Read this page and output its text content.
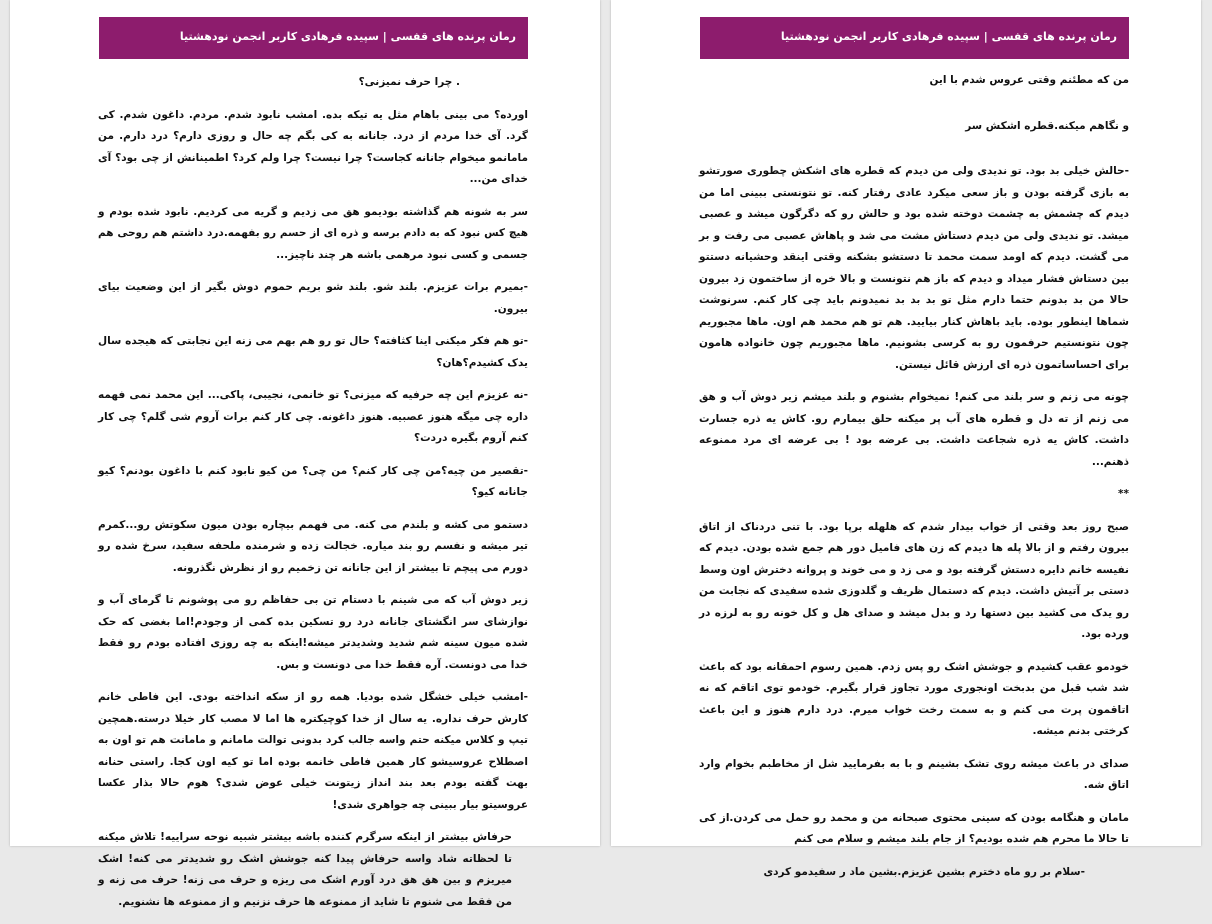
رمان پرنده های قفسی | سپیده فرهادی کاربر انجمن نودهشتیا

. چرا حرف نمیزنی؟

اورده؟ می بینی باهام مثل یه تیکه بده. امشب نابود شدم. مردم. داغون شدم. کی گرد. آی خدا مردم از درد. جانانه به کی بگم چه حال و روزی دارم؟ درد دارم. من مامانمو میخوام جانانه کجاست؟ چرا نیست؟ چرا ولم کرد؟ اطمینانش از چی بود؟ آی خدای من...

سر به شونه هم گذاشته بودیمو هق می زدیم و گریه می کردیم. نابود شده بودم و هیچ کس نبود که به دادم برسه و ذره ای از حسم رو بفهمه.درد داشتم هم روحی هم جسمی و کسی نبود مرهمی باشه هر چند ناچیز...

-بمیرم برات عزیزم. بلند شو. بلند شو بریم حموم دوش بگیر از این وضعیت بیای بیرون.

-تو هم فکر میکنی اینا کثافته؟ حال تو رو هم بهم می زنه این نجابتی که هیجده سال یدک کشیدم؟هان؟

-نه عزیزم این چه حرفیه که میزنی؟ تو خانمی، نجیبی، پاکی... این محمد نمی فهمه داره چی میگه هنوز عصبیه. هنوز داغونه. چی کار کنم برات آروم شی گلم؟ چی کار کنم آروم بگیره دردت؟

-تقصیر من چیه؟من چی کار کنم؟ من چی؟ من کیو نابود کنم با داغون بودنم؟ کیو جانانه کیو؟

دستمو می کشه و بلندم می کنه. می فهمم بیچاره بودن میون سکوتش رو...کمرم تیر میشه و نفسم رو بند میاره. خجالت زده و شرمنده ملحفه سفید، سرخ شده رو دورم می پیچم تا بیشتر از این جانانه تن زخمیم رو از نظرش نگذرونه.

زیر دوش آب که می شینم با دستام تن بی حفاظم رو می پوشونم تا گرمای آب و نوازشای سر انگشتای جانانه درد رو تسکین بده کمی از وجودم!اما بغضی که حک شده میون سینه شم شدید وشدیدتر میشه!اینکه به چه روزی افتاده بودم رو فقط خدا می دونست. آره فقط خدا می دونست و بس.

-امشب خیلی خشگل شده بودیا. همه رو از سکه انداخته بودی. این فاطی خانم کارش حرف نداره. یه سال از خدا کوچیکتره ها اما لا مصب کار خیلا درسته.همچین تیپ و کلاس میکنه حتم واسه جالب کرد بدونی توالت مامانم و مامانت هم تو اون به اصطلاح عروسیشو کار همین فاطی خانمه بوده اما تو کیه اون کجا. راستی حنانه بهت گفته بودم بعد بند انداز زیتونت خیلی عوض شدی؟ هوم حالا بذار عکسا عروسیتو بیار ببینی چه جواهری شدی!

حرفاش بیشتر از اینکه سرگرم کننده باشه بیشتر شبیه نوحه سراییه! تلاش میکنه تا لحظاته شاد واسه حرفاش پیدا کنه جوشش اشک رو شدیدتر می کنه! اشک میریزم و بین هق هق درد آورم اشک می ریزه و حرف می زنه! حرف می زنه و من فقط می شنوم تا شاید از ممنوعه ها حرف نزنیم و از ممنوعه ها نشنویم.

رمان پرنده های قفسی | سپیده فرهادی کاربر انجمن نودهشتیا

من که مطئنم وقتی عروس شدم با این

و نگاهم میکنه.قطره اشکش سر

-حالش خیلی بد بود. تو ندیدی ولی من دیدم که قطره های اشکش چطوری صورتشو به بازی گرفته بودن و باز سعی میکرد عادی رفتار کنه. تو نتونستی ببینی اما من دیدم که چشمش به چشمت دوخته شده بود و حالش رو که دگرگون میشد و عصبی میشد. تو ندیدی ولی من دیدم دستاش مشت می شد و پاهاش عصبی می رفت و بر می گشت. دیدم که اومد سمت محمد تا دستشو بشکنه وقتی اینقد وحشیانه دستتو بین دستاش فشار میداد و دیدم که باز هم نتونست و بالا خره از ساختمون زد بیرون حالا من بد بدونم حتما دارم مثل تو بد بد بد نمیدونم باید چی کار کنم. سرنوشت شماها اینطور بوده. باید باهاش کنار بیایید. هم تو هم محمد هم اون. ماها مجبوریم چون نتونستیم حرفمون رو به کرسی بشونیم. ماها مجبوریم چون خانواده هامون برای احساساتمون ذره ای ارزش قائل نیستن.

چونه می زنم و سر بلند می کنم! نمیخوام بشنوم و بلند میشم زیر دوش آب و هق می زنم از ته دل و قطره های آب پر میکنه حلق بیمارم رو. کاش یه ذره جسارت داشت. کاش یه ذره شجاعت داشت. بی عرضه بود ! بی عرضه ای مرد ممنوعه ذهنم...

**

صبح روز بعد وقتی از خواب بیدار شدم که هلهله برپا بود. با تنی دردناک از اتاق بیرون رفتم و از بالا پله ها دیدم که زن های فامیل دور هم جمع شده بودن. دیدم که نفیسه خانم دایره دستش گرفته بود و می زد و می خوند و پروانه دخترش اون وسط دستی بر آتیش داشت. دیدم که دستمال ظریف و گلدوزی شده سفیدی که نجابت من رو یدک می کشید بین دستها رد و بدل میشد و صدای هل و کل خونه رو به لرزه در ورده بود.

خودمو عقب کشیدم و جوشش اشک رو پس زدم. همین رسوم احمقانه بود که باعث شد شب قبل من بدبخت اونجوری مورد تجاوز قرار بگیرم. خودمو توی اتاقم که نه اتاقمون پرت می کنم و به سمت رخت خواب میرم. درد دارم هنوز و این باعث کرختی بدنم میشه.

صدای در باعث میشه روی تشک بشینم و با به بفرمایید شل از مخاطبم بخوام وارد اتاق شه.

مامان و هنگامه بودن که سینی محتوی صبحانه من و محمد رو حمل می کردن.از کی تا حالا ما محرم هم شده بودیم؟ از جام بلند میشم و سلام می کنم

-سلام بر رو ماه دخترم بشین عزیزم.بشین ماد ر سفیدمو کردی
